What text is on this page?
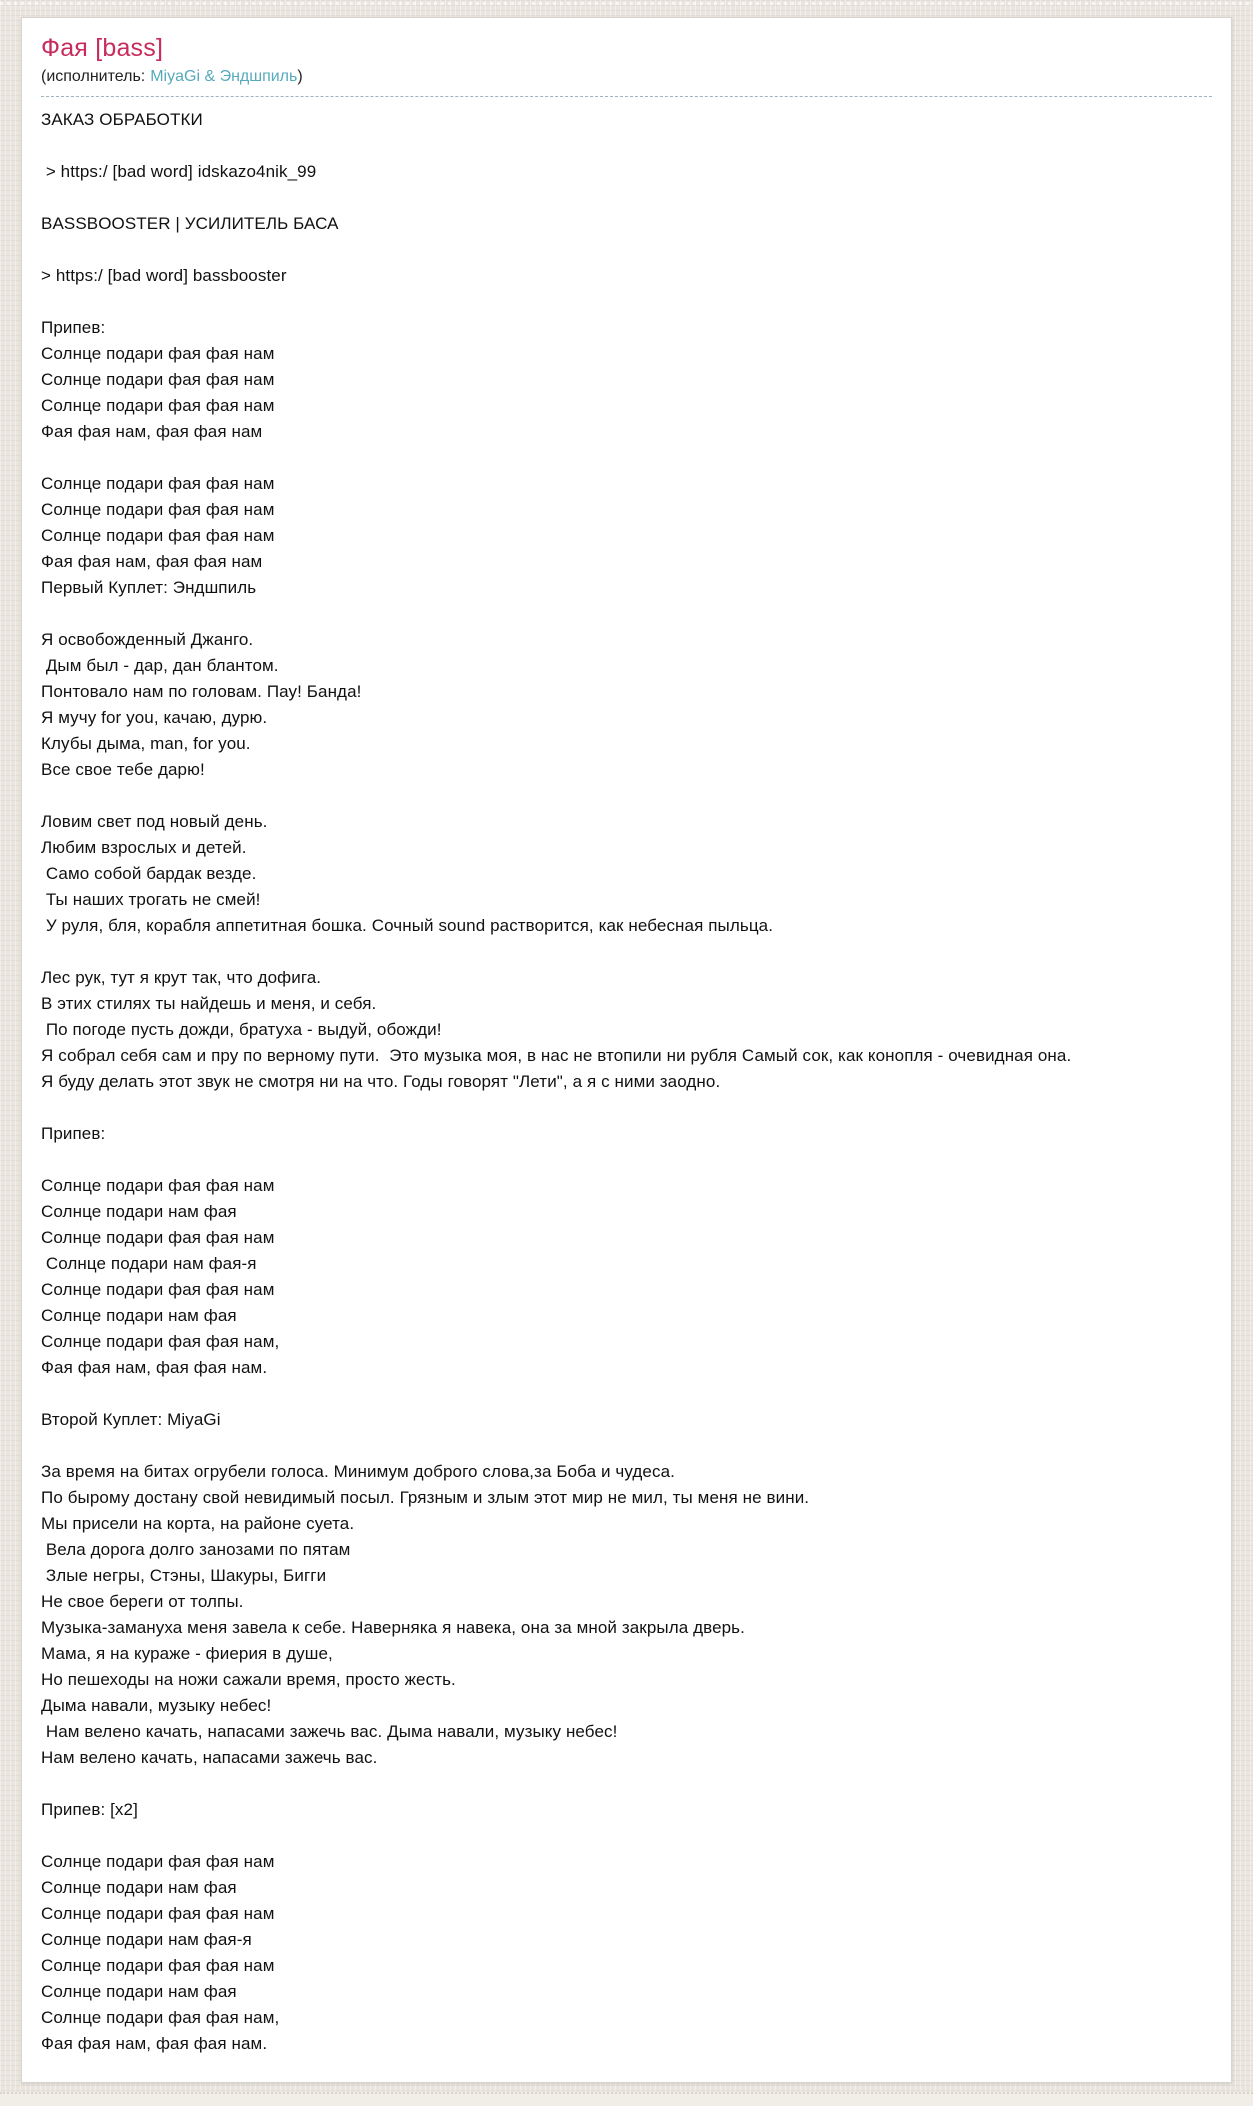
Фая [bass]
(исполнитель: MiyaGi & Эндшпиль )
ЗАКАЗ ОБРАБОТКИ
> https:/ [bad word] idskazo4nik_99
BASSBOOSTER | УСИЛИТЕЛЬ БАСА
> https:/ [bad word] bassbooster
Припев:
Солнце подари фая фая нам
Солнце подари фая фая нам
Солнце подари фая фая нам
Фая фая нам, фая фая нам
Солнце подари фая фая нам
Солнце подари фая фая нам
Солнце подари фая фая нам
Фая фая нам, фая фая нам
Первый Куплет: Эндшпиль
Я освобожденный Джанго.
Дым был - дар, дан блантом.
Понтовало нам по головам. Пау! Банда!
Я мучу for you, качаю, дурю.
Клубы дыма, man, for you.
Все свое тебе дарю!
Ловим свет под новый день.
Любим взрослых и детей.
Само собой бардак везде.
Ты наших трогать не смей!
У руля, бля, корабля аппетитная бошка. Сочный sound растворится, как небесная пыльца.
Лес рук, тут я крут так, что дофига.
В этих стилях ты найдешь и меня, и себя.
По погоде пусть дожди, братуха - выдуй, обожди!
Я собрал себя сам и пру по верному пути.  Это музыка моя, в нас не втопили ни рубля Самый сок, как конопля - очевидная она.
Я буду делать этот звук не смотря ни на что. Годы говорят "Лети", а я с ними заодно.
Припев:
Солнце подари фая фая нам
Солнце подари нам фая
Солнце подари фая фая нам
Солнце подари нам фая-я
Солнце подари фая фая нам
Солнце подари нам фая
Солнце подари фая фая нам,
Фая фая нам, фая фая нам.
Второй Куплет: MiyaGi
За время на битах огрубели голоса. Минимум доброго слова,за Боба и чудеса.
По бырому достану свой невидимый посыл. Грязным и злым этот мир не мил, ты меня не вини.
Мы присели на корта, на районе суета.
Вела дорога долго занозами по пятам
Злые негры, Стэны, Шакуры, Бигги
Не свое береги от толпы.
Музыка-замануха меня завела к себе. Наверняка я навека, она за мной закрыла дверь.
Мама, я на кураже - фиерия в душе,
Но пешеходы на ножи сажали время, просто жесть.
Дыма навали, музыку небес!
Нам велено качать, напасами зажечь вас. Дыма навали, музыку небес!
Нам велено качать, напасами зажечь вас.
Припев: [x2]
Солнце подари фая фая нам
Солнце подари нам фая
Солнце подари фая фая нам
Солнце подари нам фая-я
Солнце подари фая фая нам
Солнце подари нам фая
Солнце подари фая фая нам,
Фая фая нам, фая фая нам.
